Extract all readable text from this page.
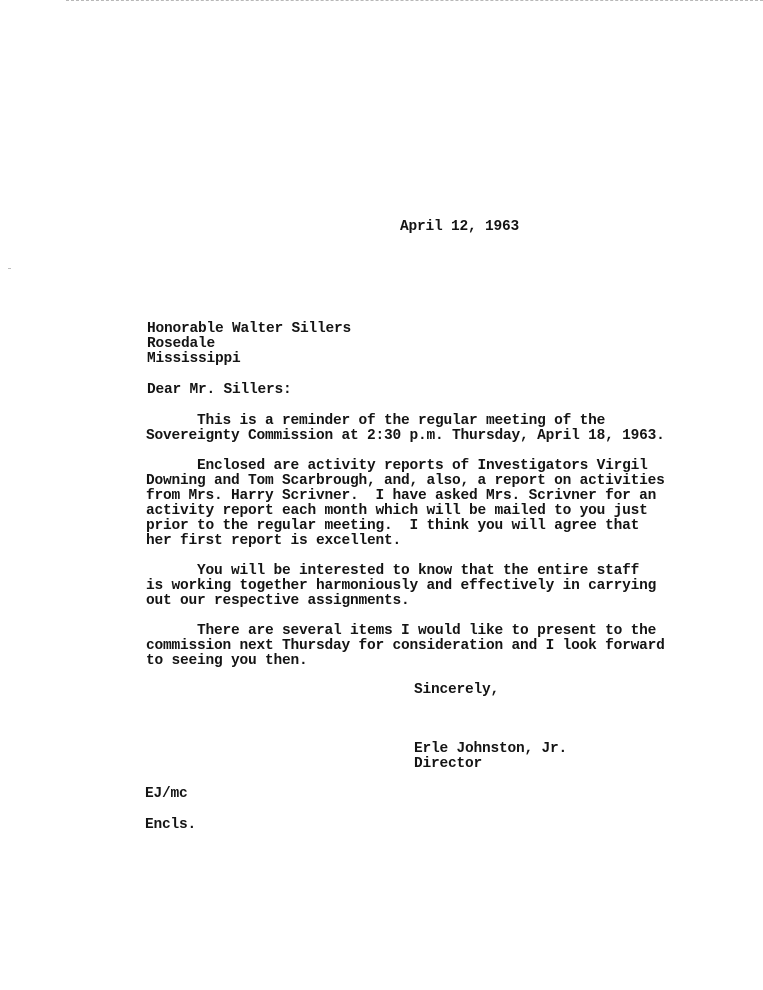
April 12, 1963
Honorable Walter Sillers
Rosedale
Mississippi
Dear Mr. Sillers:
This is a reminder of the regular meeting of the
Sovereignty Commission at 2:30 p.m. Thursday, April 18, 1963.
Enclosed are activity reports of Investigators Virgil
Downing and Tom Scarbrough, and, also, a report on activities
from Mrs. Harry Scrivner.  I have asked Mrs. Scrivner for an
activity report each month which will be mailed to you just
prior to the regular meeting.  I think you will agree that
her first report is excellent.
You will be interested to know that the entire staff
is working together harmoniously and effectively in carrying
out our respective assignments.
There are several items I would like to present to the
commission next Thursday for consideration and I look forward
to seeing you then.
Sincerely,
Erle Johnston, Jr.
Director
EJ/mc
Encls.
